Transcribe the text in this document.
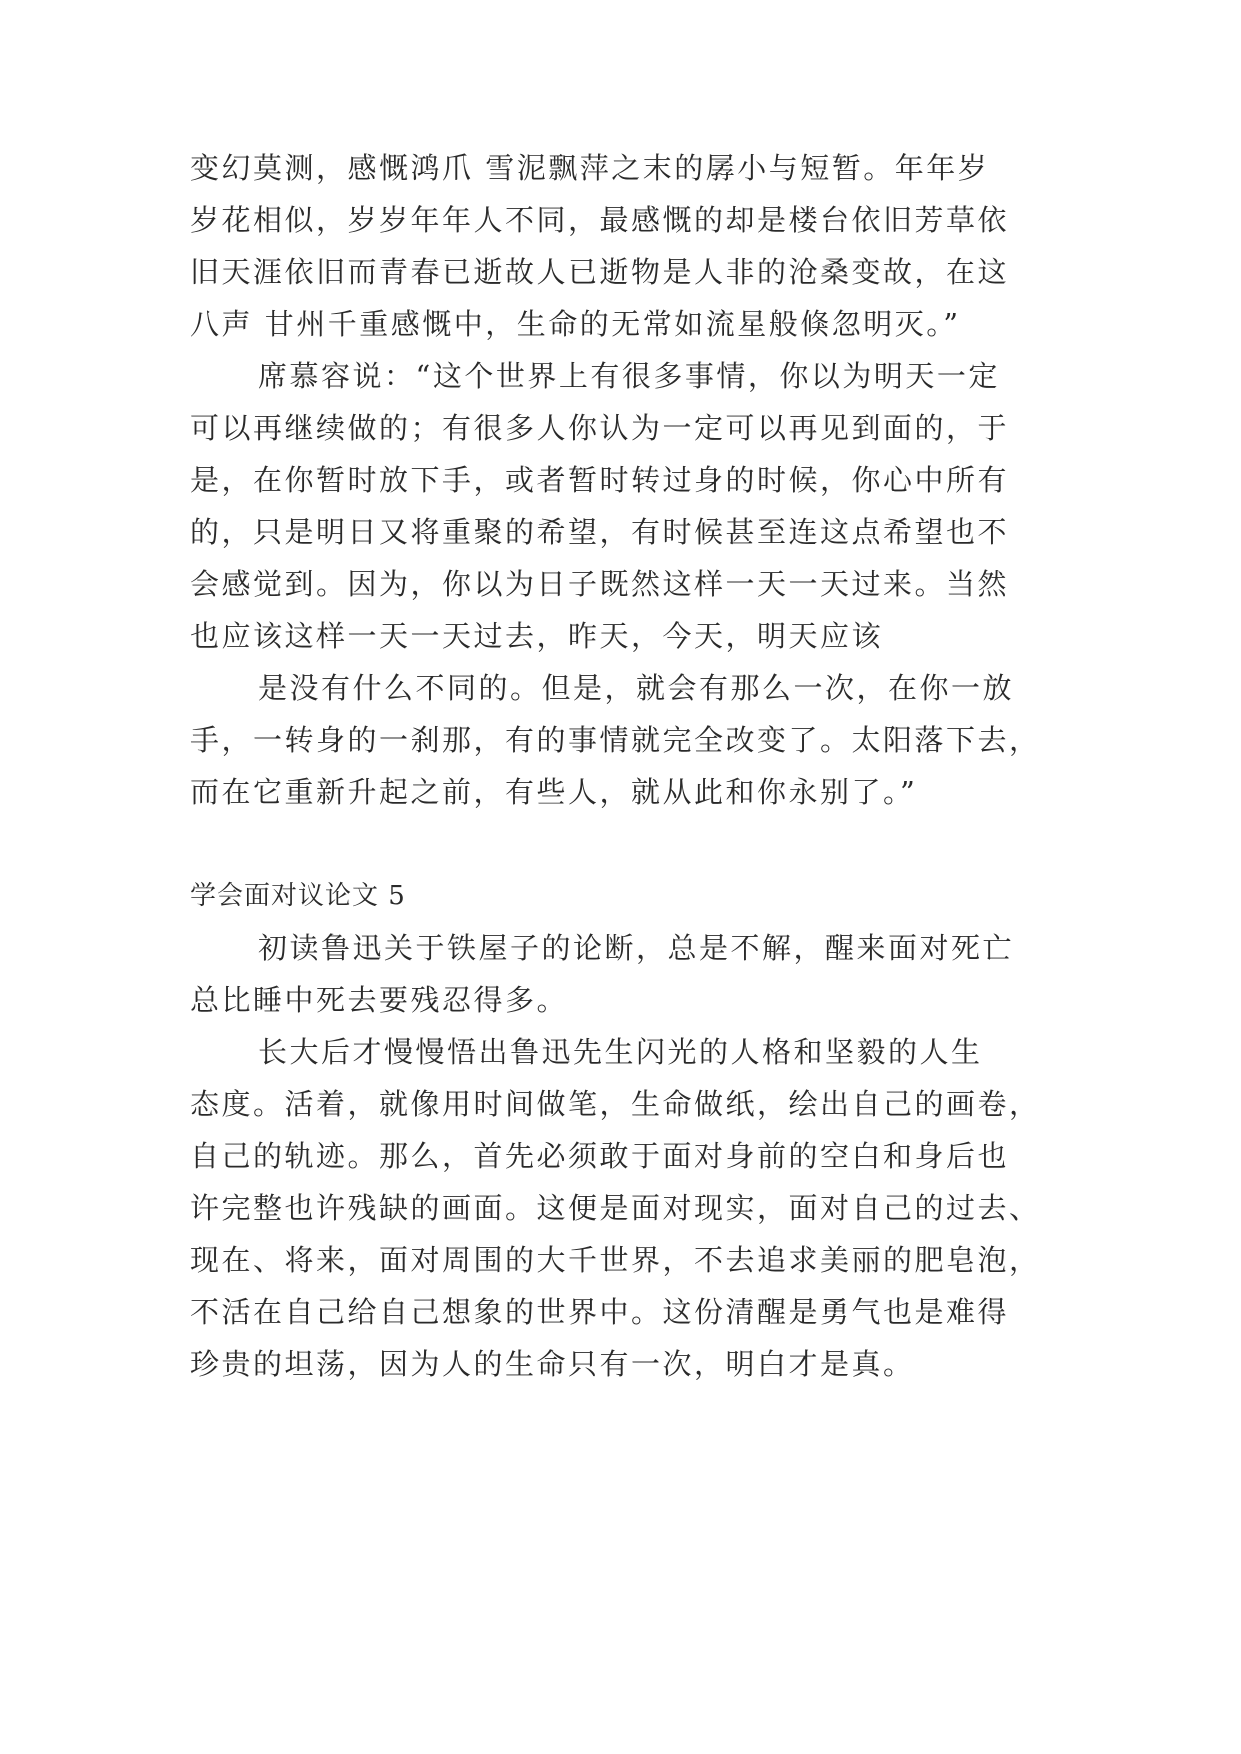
变幻莫测，感慨鸿爪 雪泥飘萍之末的孱小与短暂。年年岁
岁花相似，岁岁年年人不同，最感慨的却是楼台依旧芳草依
旧天涯依旧而青春已逝故人已逝物是人非的沧桑变故，在这
八声 甘州千重感慨中，生命的无常如流星般倏忽明灭。”
席慕容说：“这个世界上有很多事情，你以为明天一定
可以再继续做的；有很多人你认为一定可以再见到面的，于
是，在你暂时放下手，或者暂时转过身的时候，你心中所有
的，只是明日又将重聚的希望，有时候甚至连这点希望也不
会感觉到。因为，你以为日子既然这样一天一天过来。当然
也应该这样一天一天过去，昨天，今天，明天应该
是没有什么不同的。但是，就会有那么一次，在你一放
手，一转身的一刹那，有的事情就完全改变了。太阳落下去，
而在它重新升起之前，有些人，就从此和你永别了。”
学会面对议论文 5
初读鲁迅关于铁屋子的论断，总是不解，醒来面对死亡
总比睡中死去要残忍得多。
长大后才慢慢悟出鲁迅先生闪光的人格和坚毅的人生
态度。活着，就像用时间做笔，生命做纸，绘出自己的画卷，
自己的轨迹。那么，首先必须敢于面对身前的空白和身后也
许完整也许残缺的画面。这便是面对现实，面对自己的过去、
现在、将来，面对周围的大千世界，不去追求美丽的肥皂泡，
不活在自己给自己想象的世界中。这份清醒是勇气也是难得
珍贵的坦荡，因为人的生命只有一次，明白才是真。
